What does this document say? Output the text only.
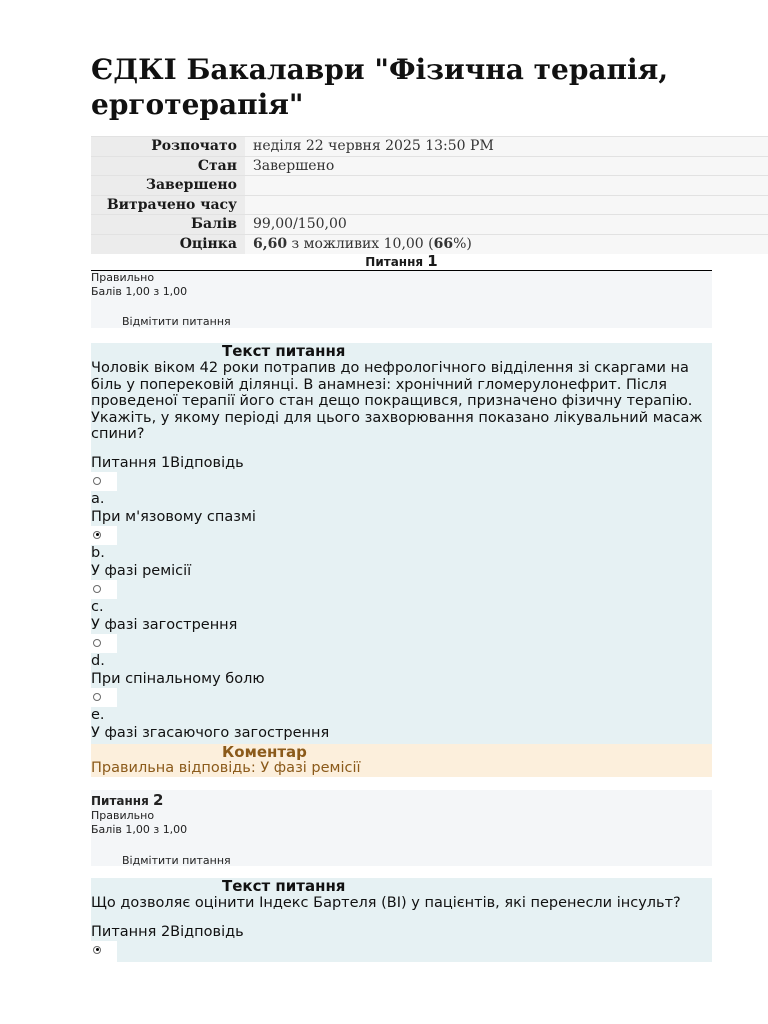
ЄДКІ Бакалаври "Фізична терапія, ерготерапія"
Розпочато	неділя 22 червня 2025 13:50 PM
Стан	Завершено
Завершено	
Витрачено часу	
Балів	99,00/150,00
Оцінка	6,60 з можливих 10,00 (66%)
Питання 1
Правильно
Балів 1,00 з 1,00
Відмітити питання
Текст питання
Чоловік віком 42 роки потрапив до нефрологічного відділення зі скаргами на біль у поперековій ділянці. В анамнезі: хронічний гломерулонефрит. Після проведеної терапії його стан дещо покращився, призначено фізичну терапію. Укажіть, у якому періоді для цього захворювання показано лікувальний масаж спини?
Питання 1Відповідь
a.
При м'язовому спазмі
b.
У фазі ремісії
c.
У фазі загострення
d.
При спінальному болю
e.
У фазі згасаючого загострення
Коментар
Правильна відповідь: У фазі ремісії
Питання 2
Правильно
Балів 1,00 з 1,00
Відмітити питання
Текст питання
Що дозволяє оцінити Індекс Бартеля (BI) у пацієнтів, які перенесли інсульт?
Питання 2Відповідь
